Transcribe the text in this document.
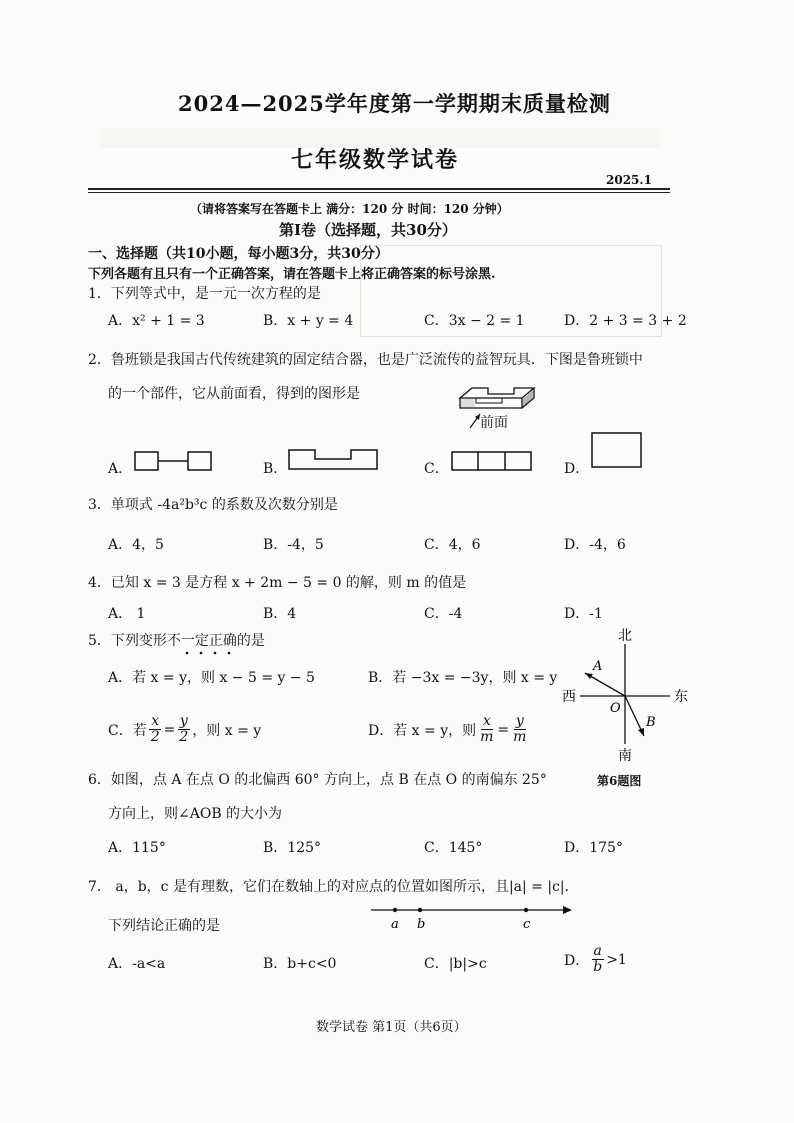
2024—2025学年度第一学期期末质量检测
七年级数学试卷
2025.1
（请将答案写在答题卡上 满分：120 分 时间：120 分钟）
第Ⅰ卷（选择题，共30分）
一、选择题（共10小题，每小题3分，共30分）
下列各题有且只有一个正确答案，请在答题卡上将正确答案的标号涂黑.
1．下列等式中，是一元一次方程的是
A．x² + 1 = 3	B．x + y = 4	C．3x − 2 = 1	D．2 + 3 = 3 + 2
2．鲁班锁是我国古代传统建筑的固定结合器，也是广泛流传的益智玩具．下图是鲁班锁中
的一个部件，它从前面看，得到的图形是
前面
A．	B．	C．	D．
3．单项式 -4a²b³c 的系数及次数分别是
A．4，5	B．-4，5	C．4，6	D．-4，6
4．已知 x = 3 是方程 x + 2m − 5 = 0 的解，则 m 的值是
A． 1	B．4	C．-4	D．-1
5．下列变形不一定正确的是
A．若 x = y，则 x − 5 = y − 5	B．若 −3x = −3y，则 x = y
C．若 $\frac{x}{2} = \frac{y}{2}$ ，则 x = y	D．若 x = y，则 $\frac{x}{m} = \frac{y}{m}$
北
南
西	东
A
B
O
第6题图
6．如图，点 A 在点 O 的北偏西 60° 方向上，点 B 在点 O 的南偏东 25°
方向上，则∠AOB 的大小为
A．115°	B．125°	C．145°	D．175°
7． a，b，c 是有理数，它们在数轴上的对应点的位置如图所示，且|a| = |c|．
下列结论正确的是	a b	c
A．-a<a	B．b+c<0	C．|b|>c	D． $\frac{a}{b} >1$
数学试卷 第1页（共6页）
